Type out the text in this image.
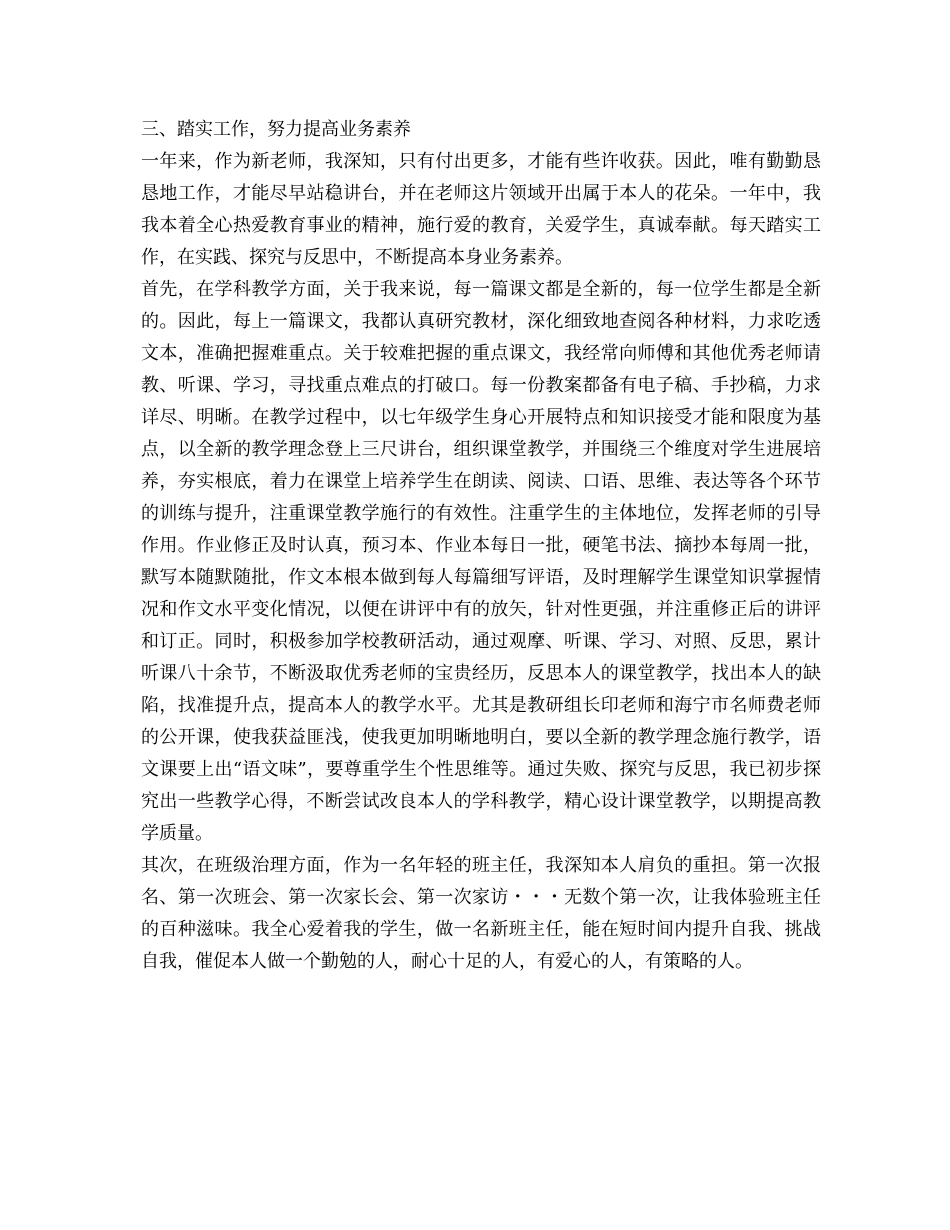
三、踏实工作，努力提高业务素养

一年来，作为新老师，我深知，只有付出更多，才能有些许收获。因此，唯有勤勤恳恳地工作，才能尽早站稳讲台，并在老师这片领域开出属于本人的花朵。一年中，我我本着全心热爱教育事业的精神，施行爱的教育，关爱学生，真诚奉献。每天踏实工作，在实践、探究与反思中，不断提高本身业务素养。

首先，在学科教学方面，关于我来说，每一篇课文都是全新的，每一位学生都是全新的。因此，每上一篇课文，我都认真研究教材，深化细致地查阅各种材料，力求吃透文本，准确把握难重点。关于较难把握的重点课文，我经常向师傅和其他优秀老师请教、听课、学习，寻找重点难点的打破口。每一份教案都备有电子稿、手抄稿，力求详尽、明晰。在教学过程中，以七年级学生身心开展特点和知识接受才能和限度为基点，以全新的教学理念登上三尺讲台，组织课堂教学，并围绕三个维度对学生进展培养，夯实根底，着力在课堂上培养学生在朗读、阅读、口语、思维、表达等各个环节的训练与提升，注重课堂教学施行的有效性。注重学生的主体地位，发挥老师的引导作用。作业修正及时认真，预习本、作业本每日一批，硬笔书法、摘抄本每周一批，默写本随默随批，作文本根本做到每人每篇细写评语，及时理解学生课堂知识掌握情况和作文水平变化情况，以便在讲评中有的放矢，针对性更强，并注重修正后的讲评和订正。同时，积极参加学校教研活动，通过观摩、听课、学习、对照、反思，累计听课八十余节，不断汲取优秀老师的宝贵经历，反思本人的课堂教学，找出本人的缺陷，找准提升点，提高本人的教学水平。尤其是教研组长印老师和海宁市名师费老师的公开课，使我获益匪浅，使我更加明晰地明白，要以全新的教学理念施行教学，语文课要上出“语文味”，要尊重学生个性思维等。通过失败、探究与反思，我已初步探究出一些教学心得，不断尝试改良本人的学科教学，精心设计课堂教学，以期提高教学质量。

其次，在班级治理方面，作为一名年轻的班主任，我深知本人肩负的重担。第一次报名、第一次班会、第一次家长会、第一次家访・・・无数个第一次，让我体验班主任的百种滋味。我全心爱着我的学生，做一名新班主任，能在短时间内提升自我、挑战自我，催促本人做一个勤勉的人，耐心十足的人，有爱心的人，有策略的人。
